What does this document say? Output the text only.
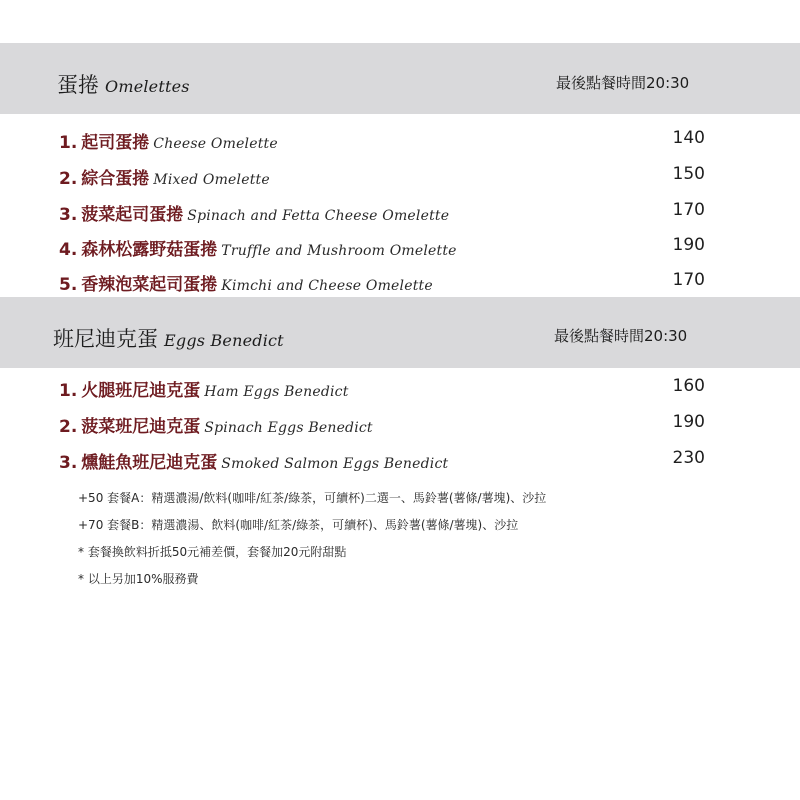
蛋捲 Omelettes	最後點餐時間20:30
1. 起司蛋捲 Cheese Omelette	140
2. 綜合蛋捲 Mixed Omelette	150
3. 菠菜起司蛋捲 Spinach and Fetta Cheese Omelette	170
4. 森林松露野菇蛋捲 Truffle and Mushroom Omelette	190
5. 香辣泡菜起司蛋捲 Kimchi and Cheese Omelette	170
班尼迪克蛋 Eggs Benedict	最後點餐時間20:30
1. 火腿班尼迪克蛋 Ham Eggs Benedict	160
2. 菠菜班尼迪克蛋 Spinach Eggs Benedict	190
3. 燻鮭魚班尼迪克蛋 Smoked Salmon Eggs Benedict	230
+50 套餐A：精選濃湯/飲料(咖啡/紅茶/綠茶，可續杯)二選一、馬鈴薯(薯條/薯塊)、沙拉
+70 套餐B：精選濃湯、飲料(咖啡/紅茶/綠茶，可續杯)、馬鈴薯(薯條/薯塊)、沙拉
* 套餐換飲料折抵50元補差價，套餐加20元附甜點
* 以上另加10%服務費
